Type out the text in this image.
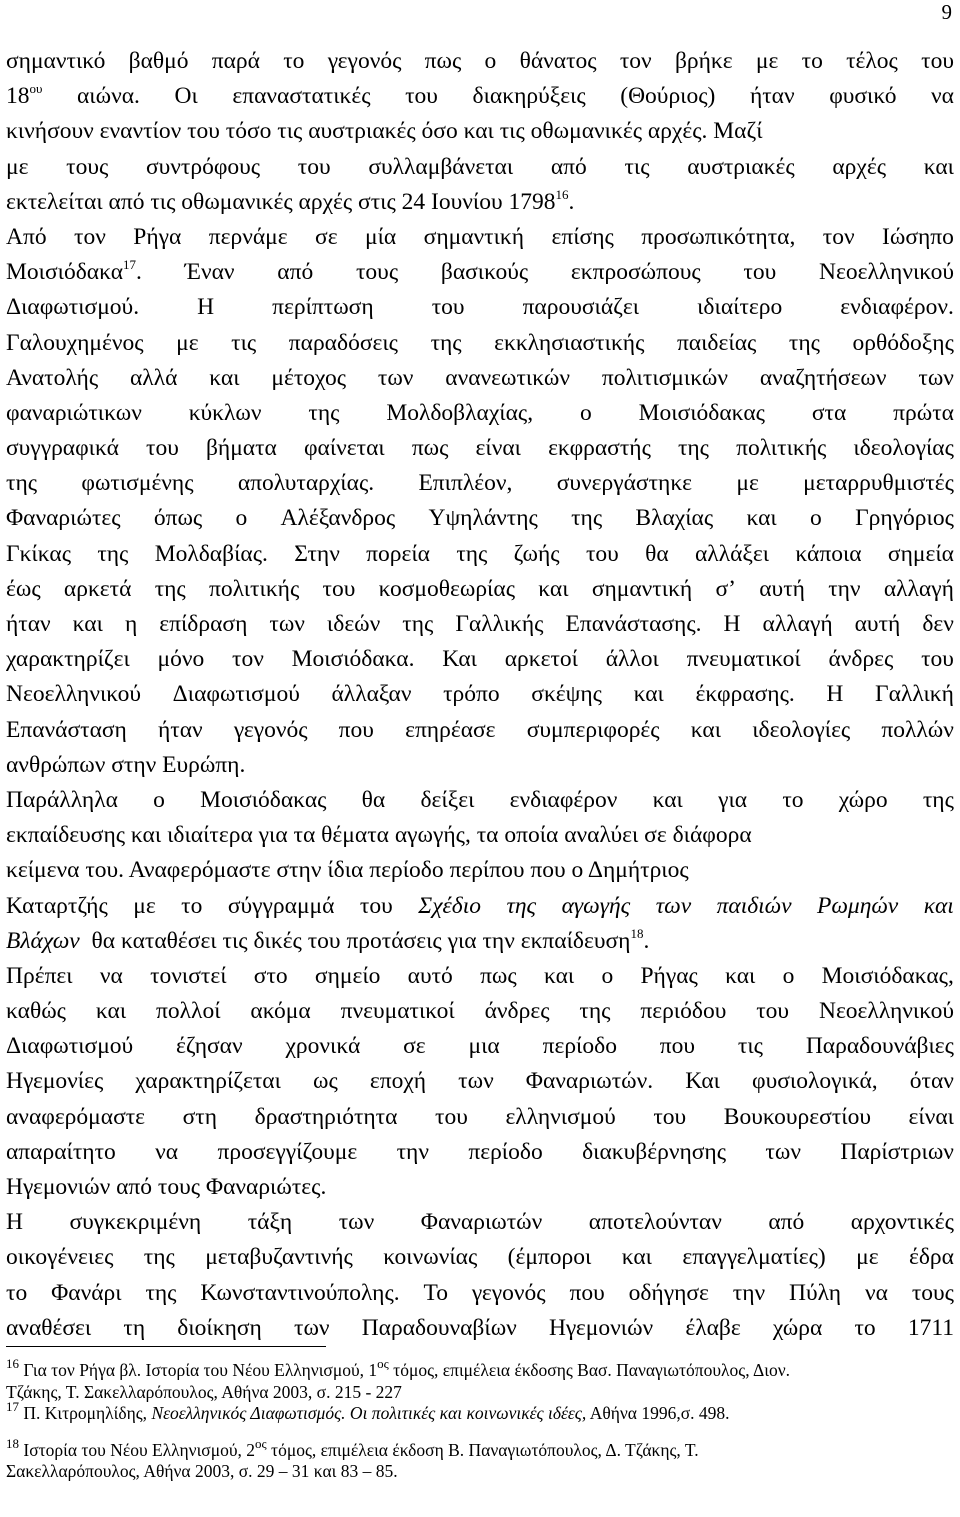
9
σημαντικό βαθμό παρά το γεγονός πως ο θάνατος τον βρήκε με το τέλος του
$18^{o\upsilon}$ αιώνα. Οι επαναστατικές του διακηρύξεις (Θούριος) ήταν φυσικό να
κινήσουν εναντίον του τόσο τις αυστριακές όσο και τις οθωμανικές αρχές. Μαζί
με τους συντρόφους του συλλαμβάνεται από τις αυστριακές αρχές και
εκτελείται από τις οθωμανικές αρχές στις 24 Ιουνίου 1798$^{16}$.
Από τον Ρήγα περνάμε σε μία σημαντική επίσης προσωπικότητα, τον Ιώσηπο
Μοισιόδακα$^{17}$. Έναν από τους βασικούς εκπροσώπους του Νεοελληνικού
Διαφωτισμού. Η περίπτωση του παρουσιάζει ιδιαίτερο ενδιαφέρον.
Γαλουχημένος με τις παραδόσεις της εκκλησιαστικής παιδείας της ορθόδοξης
Ανατολής αλλά και μέτοχος των ανανεωτικών πολιτισμικών αναζητήσεων των
φαναριώτικων κύκλων της Μολδοβλαχίας, ο Μοισιόδακας στα πρώτα
συγγραφικά του βήματα φαίνεται πως είναι εκφραστής της πολιτικής ιδεολογίας
της φωτισμένης απολυταρχίας. Επιπλέον, συνεργάστηκε με μεταρρυθμιστές
Φαναριώτες όπως ο Αλέξανδρος Υψηλάντης της Βλαχίας και ο Γρηγόριος
Γκίκας της Μολδαβίας. Στην πορεία της ζωής του θα αλλάξει κάποια σημεία
έως αρκετά της πολιτικής του κοσμοθεωρίας και σημαντική σ’ αυτή την αλλαγή
ήταν και η επίδραση των ιδεών της Γαλλικής Επανάστασης. Η αλλαγή αυτή δεν
χαρακτηρίζει μόνο τον Μοισιόδακα. Και αρκετοί άλλοι πνευματικοί άνδρες του
Νεοελληνικού Διαφωτισμού άλλαξαν τρόπο σκέψης και έκφρασης. Η Γαλλική
Επανάσταση ήταν γεγονός που επηρέασε συμπεριφορές και ιδεολογίες πολλών
ανθρώπων στην Ευρώπη.
Παράλληλα ο Μοισιόδακας θα δείξει ενδιαφέρον και για το χώρο της
εκπαίδευσης και ιδιαίτερα για τα θέματα αγωγής, τα οποία αναλύει σε διάφορα
κείμενα του. Αναφερόμαστε στην ίδια περίοδο περίπου που ο Δημήτριος
Καταρτζής με το σύγγραμμά του Σχέδιο της αγωγής των παιδιών Ρωμηών και
Βλάχων  θα καταθέσει τις δικές του προτάσεις για την εκπαίδευση$^{18}$.
Πρέπει να τονιστεί στο σημείο αυτό πως και ο Ρήγας και ο Μοισιόδακας,
καθώς και πολλοί ακόμα πνευματικοί άνδρες της περιόδου του Νεοελληνικού
Διαφωτισμού έζησαν χρονικά σε μια περίοδο που τις Παραδουνάβιες
Ηγεμονίες χαρακτηρίζεται ως εποχή των Φαναριωτών. Και φυσιολογικά, όταν
αναφερόμαστε στη δραστηριότητα του ελληνισμού του Βουκουρεστίου είναι
απαραίτητο να προσεγγίζουμε την περίοδο διακυβέρνησης των Παρίστριων
Ηγεμονιών από τους Φαναριώτες.
Η συγκεκριμένη τάξη των Φαναριωτών αποτελούνταν από αρχοντικές
οικογένειες της μεταβυζαντινής κοινωνίας (έμποροι και επαγγελματίες) με έδρα
το Φανάρι της Κωνσταντινούπολης. Το γεγονός που οδήγησε την Πύλη να τους
αναθέσει τη διοίκηση των Παραδουναβίων Ηγεμονιών έλαβε χώρα το 1711
$^{16}$ Για τον Ρήγα βλ. Ιστορία του Νέου Ελληνισμού, $1^{o\varsigma}$ τόμος, επιμέλεια έκδοσης Βασ. Παναγιωτόπουλος, Διον.
Τζάκης, Τ. Σακελλαρόπουλος, Αθήνα 2003, σ. 215 - 227
$^{17}$ Π. Κιτρομηλίδης, Νεοελληνικός Διαφωτισμός. Οι πολιτικές και κοινωνικές ιδέες, Αθήνα 1996,σ. 498.
$^{18}$ Ιστορία του Νέου Ελληνισμού, $2^{o\varsigma}$ τόμος, επιμέλεια έκδοση Β. Παναγιωτόπουλος, Δ. Τζάκης, Τ.
Σακελλαρόπουλος, Αθήνα 2003, σ. 29 – 31 και 83 – 85.
